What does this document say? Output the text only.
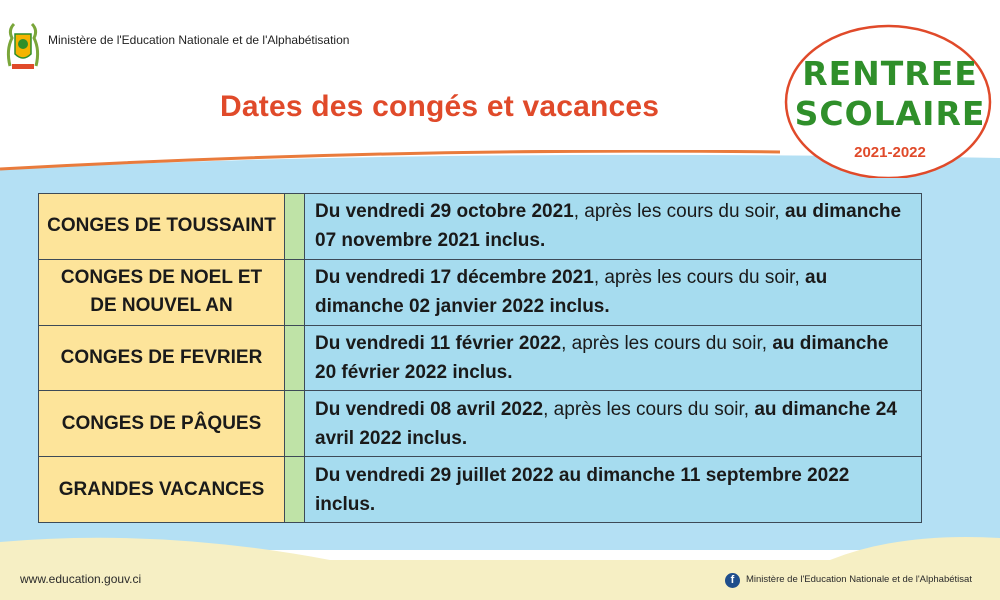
Ministère de l'Education Nationale et de l'Alphabétisation
Dates des congés et vacances
RENTREE
SCOLAIRE
2021-2022
CONGES DE TOUSSAINT
Du vendredi 29 octobre 2021, après les cours du soir, au dimanche 07 novembre 2021 inclus.
CONGES DE NOEL ET DE NOUVEL AN
Du vendredi 17 décembre 2021, après les cours du soir, au dimanche 02 janvier 2022 inclus.
CONGES DE FEVRIER
Du vendredi 11 février 2022, après les cours du soir, au dimanche 20 février 2022 inclus.
CONGES DE PÂQUES
Du vendredi 08 avril 2022, après les cours du soir, au dimanche 24 avril 2022 inclus.
GRANDES VACANCES
Du vendredi 29 juillet 2022 au dimanche 11 septembre 2022 inclus.
www.education.gouv.ci	f	Ministère de l'Education Nationale et de l'Alphabétisat
